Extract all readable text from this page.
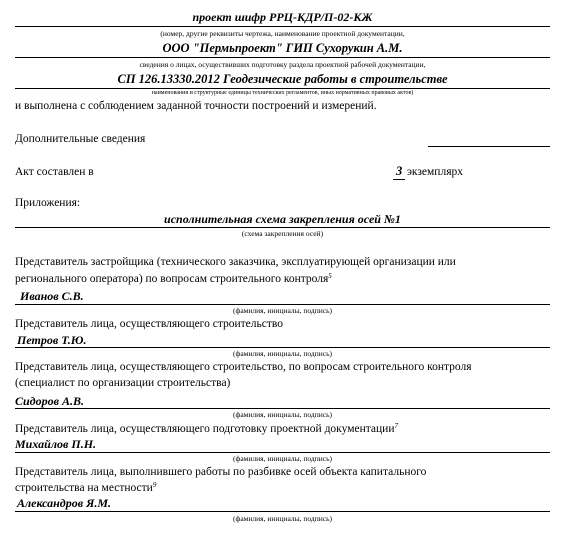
проект шифр РРЦ-КДР/П-02-КЖ
(номер, другие реквизиты чертежа, наименование проектной документации,
ООО "Пермьпроект" ГИП Сухорукин А.М.
сведения о лицах, осуществивших подготовку раздела проектной рабочей документации,
СП 126.13330.2012 Геодезические работы в строительстве
наименования и структурные единицы технических регламентов, иных нормативных правовых актов)
и выполнена с соблюдением заданной точности построений и измерений.
Дополнительные сведения
Акт составлен в	3 экземплярх
Приложения:
исполнительная схема закрепления осей №1
(схема закрепления осей)
Представитель застройщика (технического заказчика, эксплуатирующей организации или
регионального оператора) по вопросам строительного контроля$^5$
Иванов С.В.
(фамилия, инициалы, подпись)
Представитель лица, осуществляющего строительство
Петров Т.Ю.
(фамилия, инициалы, подпись)
Представитель лица, осуществляющего строительство, по вопросам строительного контроля
(специалист по организации строительства)
Сидоров А.В.
(фамилия, инициалы, подпись)
Представитель лица, осуществляющего подготовку проектной документации$^7$
Михайлов П.Н.
(фамилия, инициалы, подпись)
Представитель лица, выполнившего работы по разбивке осей объекта капитального
строительства на местности$^9$
Александров Я.М.
(фамилия, инициалы, подпись)
